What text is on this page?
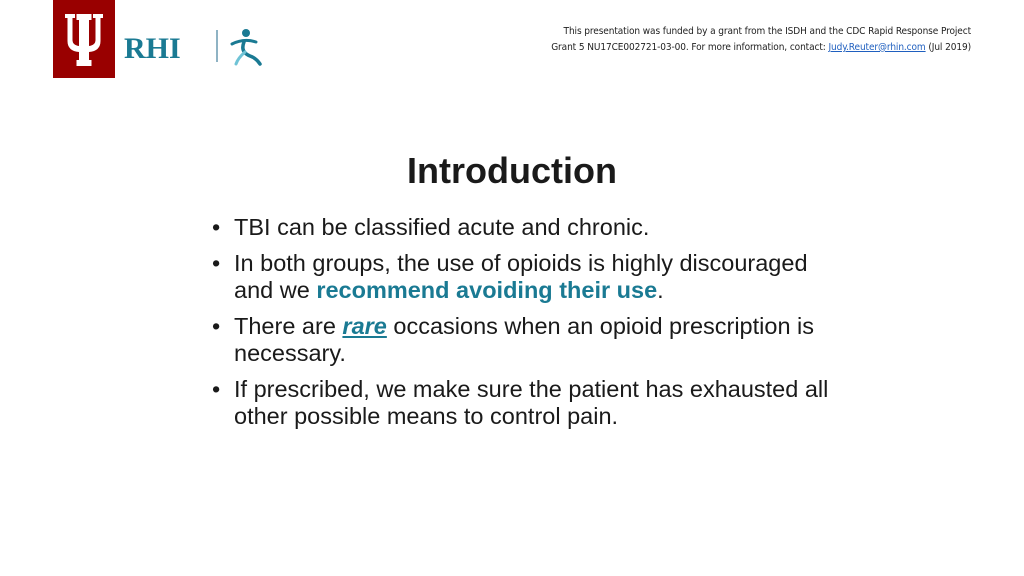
RHI
This presentation was funded by a grant from the ISDH and the CDC Rapid Response Project
Grant 5 NU17CE002721-03-00. For more information, contact: Judy.Reuter@rhin.com (Jul 2019)
Introduction
• TBI can be classified acute and chronic.
• In both groups, the use of opioids is highly discouraged and we recommend avoiding their use.
• There are rare occasions when an opioid prescription is necessary.
• If prescribed, we make sure the patient has exhausted all other possible means to control pain.
